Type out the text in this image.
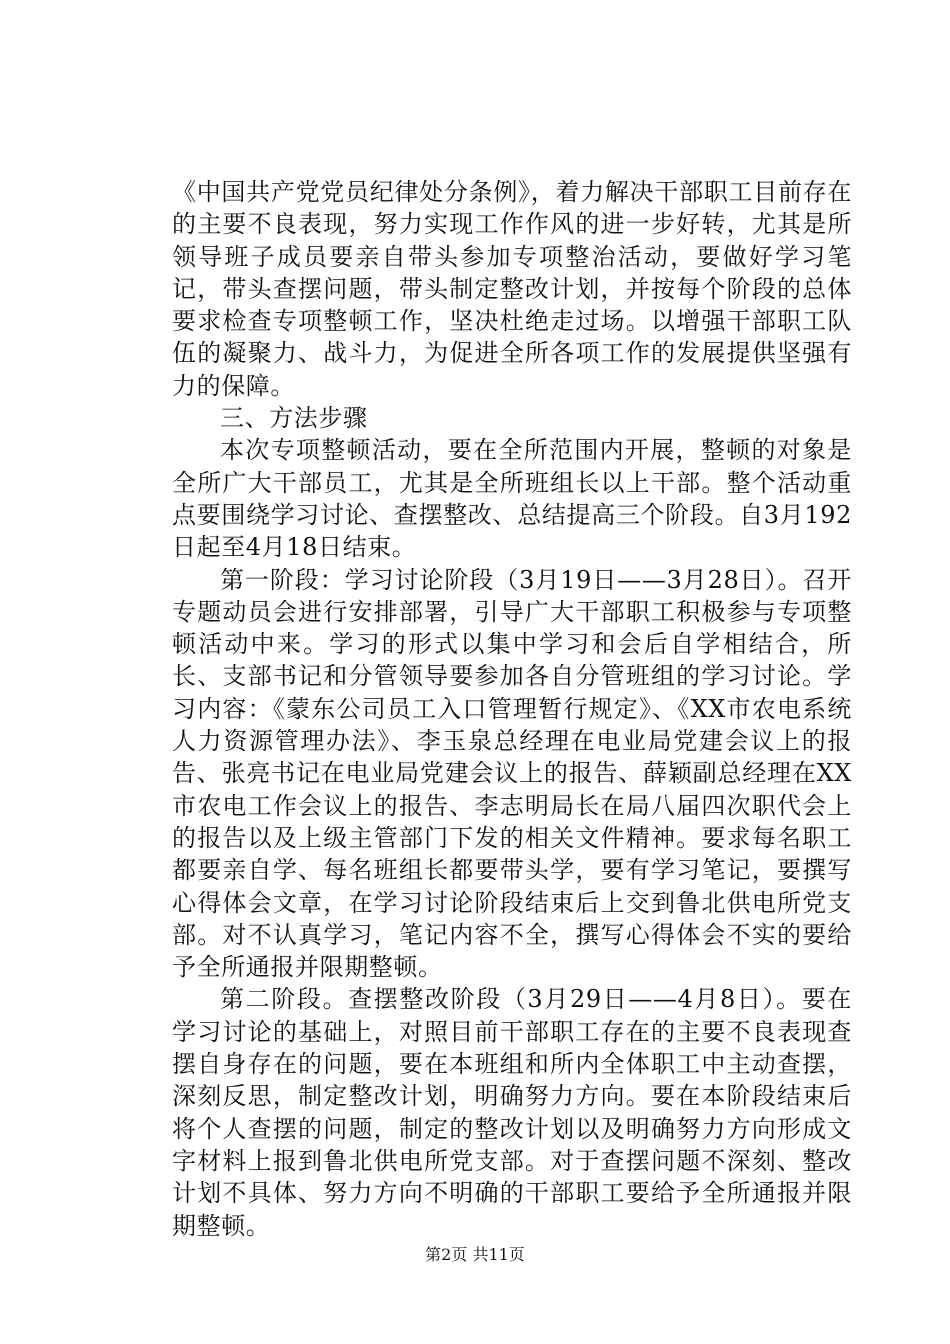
《中国共产党党员纪律处分条例》，着力解决干部职工目前存在的主要不良表现，努力实现工作作风的进一步好转，尤其是所领导班子成员要亲自带头参加专项整治活动，要做好学习笔记，带头查摆问题，带头制定整改计划，并按每个阶段的总体要求检查专项整顿工作，坚决杜绝走过场。以增强干部职工队伍的凝聚力、战斗力，为促进全所各项工作的发展提供坚强有力的保障。

三、方法步骤

本次专项整顿活动，要在全所范围内开展，整顿的对象是全所广大干部员工，尤其是全所班组长以上干部。整个活动重点要围绕学习讨论、查摆整改、总结提高三个阶段。自3月192日起至4月18日结束。

第一阶段：学习讨论阶段（3月19日——3月28日）。召开专题动员会进行安排部署，引导广大干部职工积极参与专项整顿活动中来。学习的形式以集中学习和会后自学相结合，所长、支部书记和分管领导要参加各自分管班组的学习讨论。学习内容：《蒙东公司员工入口管理暂行规定》、《XX市农电系统人力资源管理办法》、李玉泉总经理在电业局党建会议上的报告、张亮书记在电业局党建会议上的报告、薛颖副总经理在XX市农电工作会议上的报告、李志明局长在局八届四次职代会上的报告以及上级主管部门下发的相关文件精神。要求每名职工都要亲自学、每名班组长都要带头学，要有学习笔记，要撰写心得体会文章，在学习讨论阶段结束后上交到鲁北供电所党支部。对不认真学习，笔记内容不全，撰写心得体会不实的要给予全所通报并限期整顿。

第二阶段。查摆整改阶段（3月29日——4月8日）。要在学习讨论的基础上，对照目前干部职工存在的主要不良表现查摆自身存在的问题，要在本班组和所内全体职工中主动查摆，深刻反思，制定整改计划，明确努力方向。要在本阶段结束后将个人查摆的问题，制定的整改计划以及明确努力方向形成文字材料上报到鲁北供电所党支部。对于查摆问题不深刻、整改计划不具体、努力方向不明确的干部职工要给予全所通报并限期整顿。

第2页 共11页
